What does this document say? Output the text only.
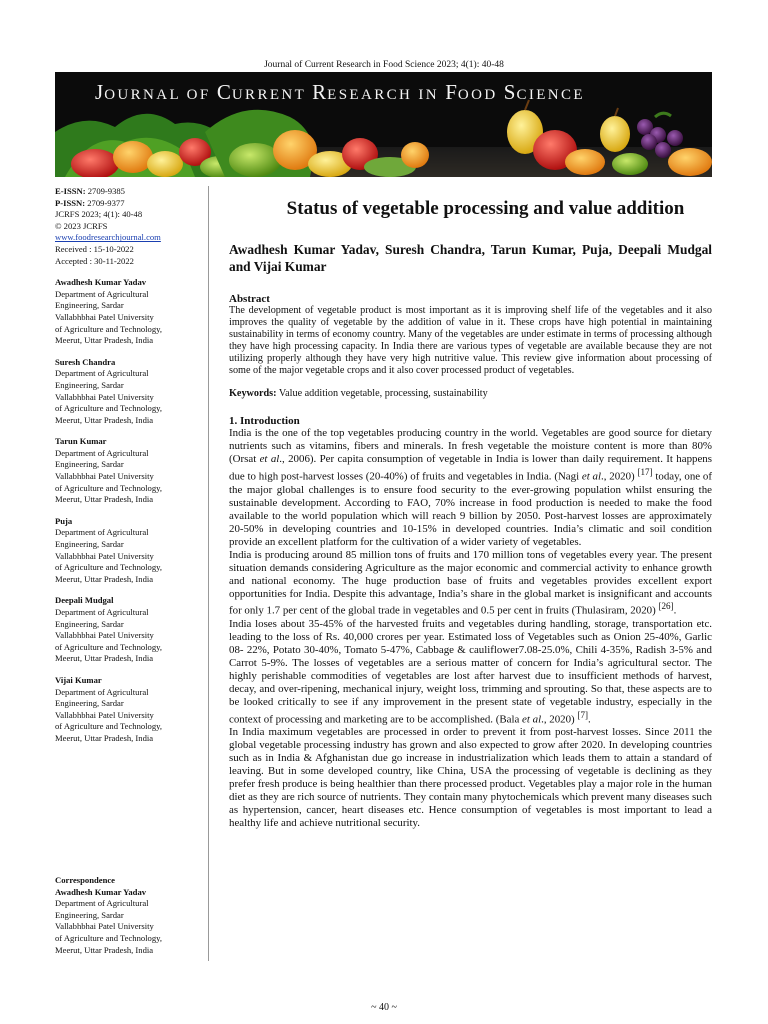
Journal of Current Research in Food Science 2023; 4(1): 40-48
JOURNAL OF CURRENT RESEARCH IN FOOD SCIENCE
E-ISSN: 2709-9385
P-ISSN: 2709-9377
JCRFS 2023; 4(1): 40-48
© 2023 JCRFS
www.foodresearchjournal.com
Received : 15-10-2022
Accepted : 30-11-2022
Awadhesh Kumar Yadav
Department of Agricultural
Engineering, Sardar
Vallabhbhai Patel University
of Agriculture and Technology,
Meerut, Uttar Pradesh, India
Suresh Chandra
Department of Agricultural
Engineering, Sardar
Vallabhbhai Patel University
of Agriculture and Technology,
Meerut, Uttar Pradesh, India
Tarun Kumar
Department of Agricultural
Engineering, Sardar
Vallabhbhai Patel University
of Agriculture and Technology,
Meerut, Uttar Pradesh, India
Puja
Department of Agricultural
Engineering, Sardar
Vallabhbhai Patel University
of Agriculture and Technology,
Meerut, Uttar Pradesh, India
Deepali Mudgal
Department of Agricultural
Engineering, Sardar
Vallabhbhai Patel University
of Agriculture and Technology,
Meerut, Uttar Pradesh, India
Vijai Kumar
Department of Agricultural
Engineering, Sardar
Vallabhbhai Patel University
of Agriculture and Technology,
Meerut, Uttar Pradesh, India
Correspondence
Awadhesh Kumar Yadav
Department of Agricultural
Engineering, Sardar
Vallabhbhai Patel University
of Agriculture and Technology,
Meerut, Uttar Pradesh, India
Status of vegetable processing and value addition
Awadhesh Kumar Yadav, Suresh Chandra, Tarun Kumar, Puja, Deepali Mudgal and Vijai Kumar
Abstract

The development of vegetable product is most important as it is improving shelf life of the vegetables and it also improves the quality of vegetable by the addition of value in it. These crops have high potential in maintaining sustainability in terms of economy country. Many of the vegetables are under estimate in terms of processing although they have high processing capacity. In India there are various types of vegetable are available because they are not utilizing properly although they have very high nutritive value. This review give information about processing of some of the major vegetable crops and it also cover processed product of vegetables.

Keywords: Value addition vegetable, processing, sustainability

1. Introduction

India is the one of the top vegetables producing country in the world. Vegetables are good source for dietary nutrients such as vitamins, fibers and minerals. In fresh vegetable the moisture content is more than 80% (Orsat et al., 2006). Per capita consumption of vegetable in India is lower than daily requirement. It happens due to high post-harvest losses (20-40%) of fruits and vegetables in India. (Nagi et al., 2020) [17] today, one of the major global challenges is to ensure food security to the ever-growing population whilst ensuring the sustainable development. According to FAO, 70% increase in food production is needed to make the food available to the world population which will reach 9 billion by 2050. Post-harvest losses are approximately 20-50% in developing countries and 10-15% in developed countries. India’s climatic and soil condition provide an excellent platform for the cultivation of a wider variety of vegetables.

India is producing around 85 million tons of fruits and 170 million tons of vegetables every year. The present situation demands considering Agriculture as the major economic and commercial activity to enhance growth and national economy. The huge production base of fruits and vegetables provides excellent export opportunities for India. Despite this advantage, India’s share in the global market is insignificant and accounts for only 1.7 per cent of the global trade in vegetables and 0.5 per cent in fruits (Thulasiram, 2020) [26].

India loses about 35-45% of the harvested fruits and vegetables during handling, storage, transportation etc. leading to the loss of Rs. 40,000 crores per year. Estimated loss of Vegetables such as Onion 25-40%, Garlic 08- 22%, Potato 30-40%, Tomato 5-47%, Cabbage & cauliflower7.08-25.0%, Chili 4-35%, Radish 3-5% and Carrot 5-9%. The losses of vegetables are a serious matter of concern for India’s agricultural sector. The highly perishable commodities of vegetables are lost after harvest due to insufficient methods of harvest, decay, and over-ripening, mechanical injury, weight loss, trimming and sprouting. So that, these aspects are to be looked critically to see if any improvement in the present state of vegetable industry, especially in the context of processing and marketing are to be accomplished. (Bala et al., 2020) [7].

In India maximum vegetables are processed in order to prevent it from post-harvest losses. Since 2011 the global vegetable processing industry has grown and also expected to grow after 2020. In developing countries such as in India & Afghanistan due go increase in industrialization which leads them to attain a standard of leaving. But in some developed country, like China, USA the processing of vegetable is declining as they prefer fresh produce is being healthier than there processed product. Vegetables play a major role in the human diet as they are rich source of nutrients. They contain many phytochemicals which prevent many diseases such as hypertension, cancer, heart diseases etc. Hence consumption of vegetables is most important to lead a healthy life and achieve nutritional security.

~ 40 ~
